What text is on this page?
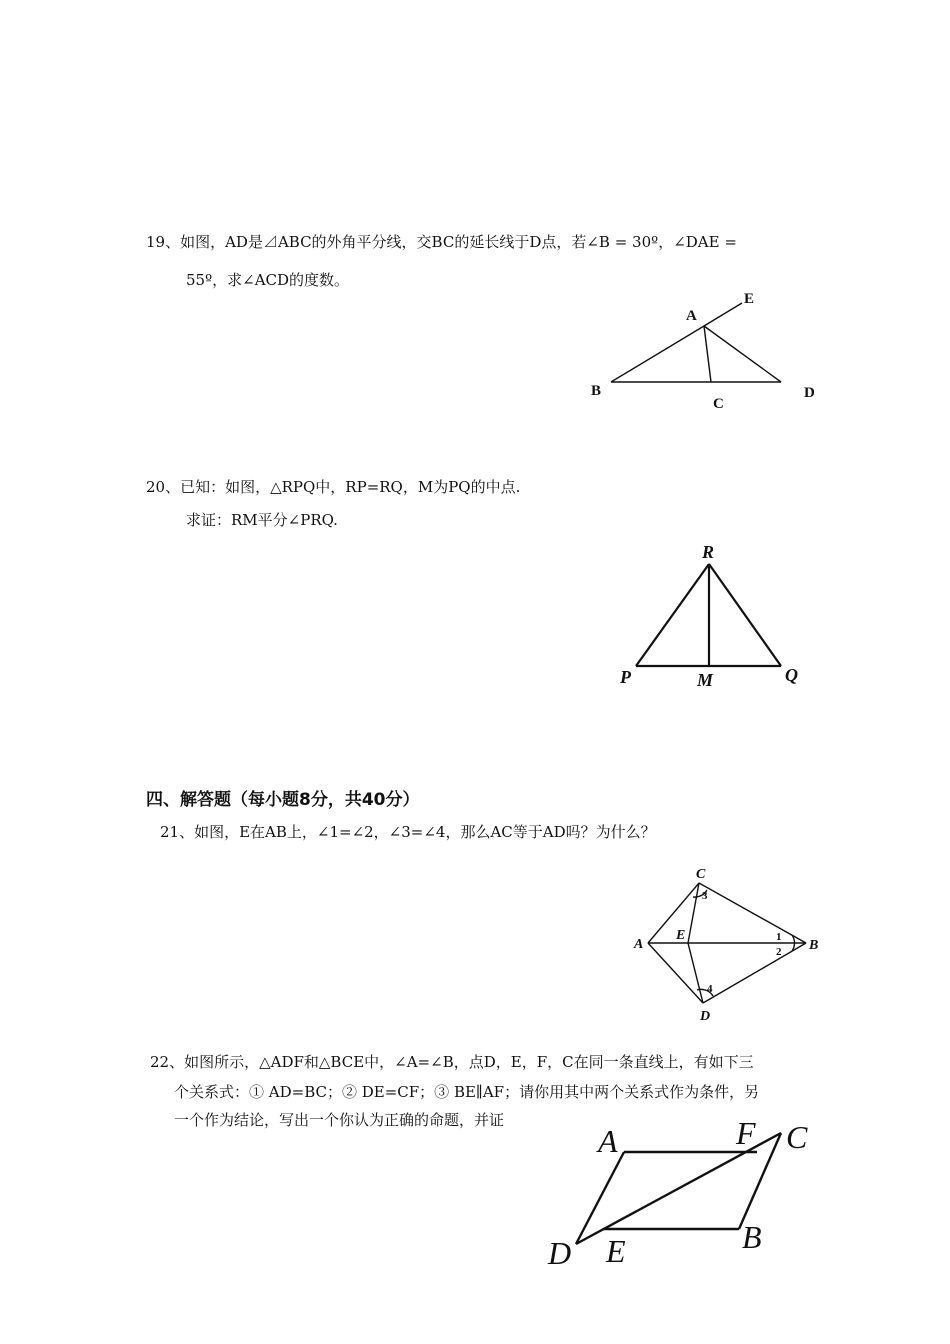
19、如图，AD是⊿ABC的外角平分线，交BC的延长线于D点，若∠B = 30º，∠DAE =
55º，求∠ACD的度数。
A
E
B
C
D
R
P	M	Q
C
A
E
B
D
1
2
3
4
A	F C
D E	B
20、已知：如图，△RPQ中，RP=RQ，M为PQ的中点.
求证：RM平分∠PRQ.
四、解答题（每小题8分，共40分）
21、如图，E在AB上，∠1=∠2，∠3=∠4，那么AC等于AD吗？为什么？
22、如图所示，△ADF和△BCE中，∠A=∠B，点D，E，F，C在同一条直线上，有如下三
个关系式：① AD=BC；② DE=CF；③ BE∥AF；请你用其中两个关系式作为条件，另
一个作为结论，写出一个你认为正确的命题，并证
